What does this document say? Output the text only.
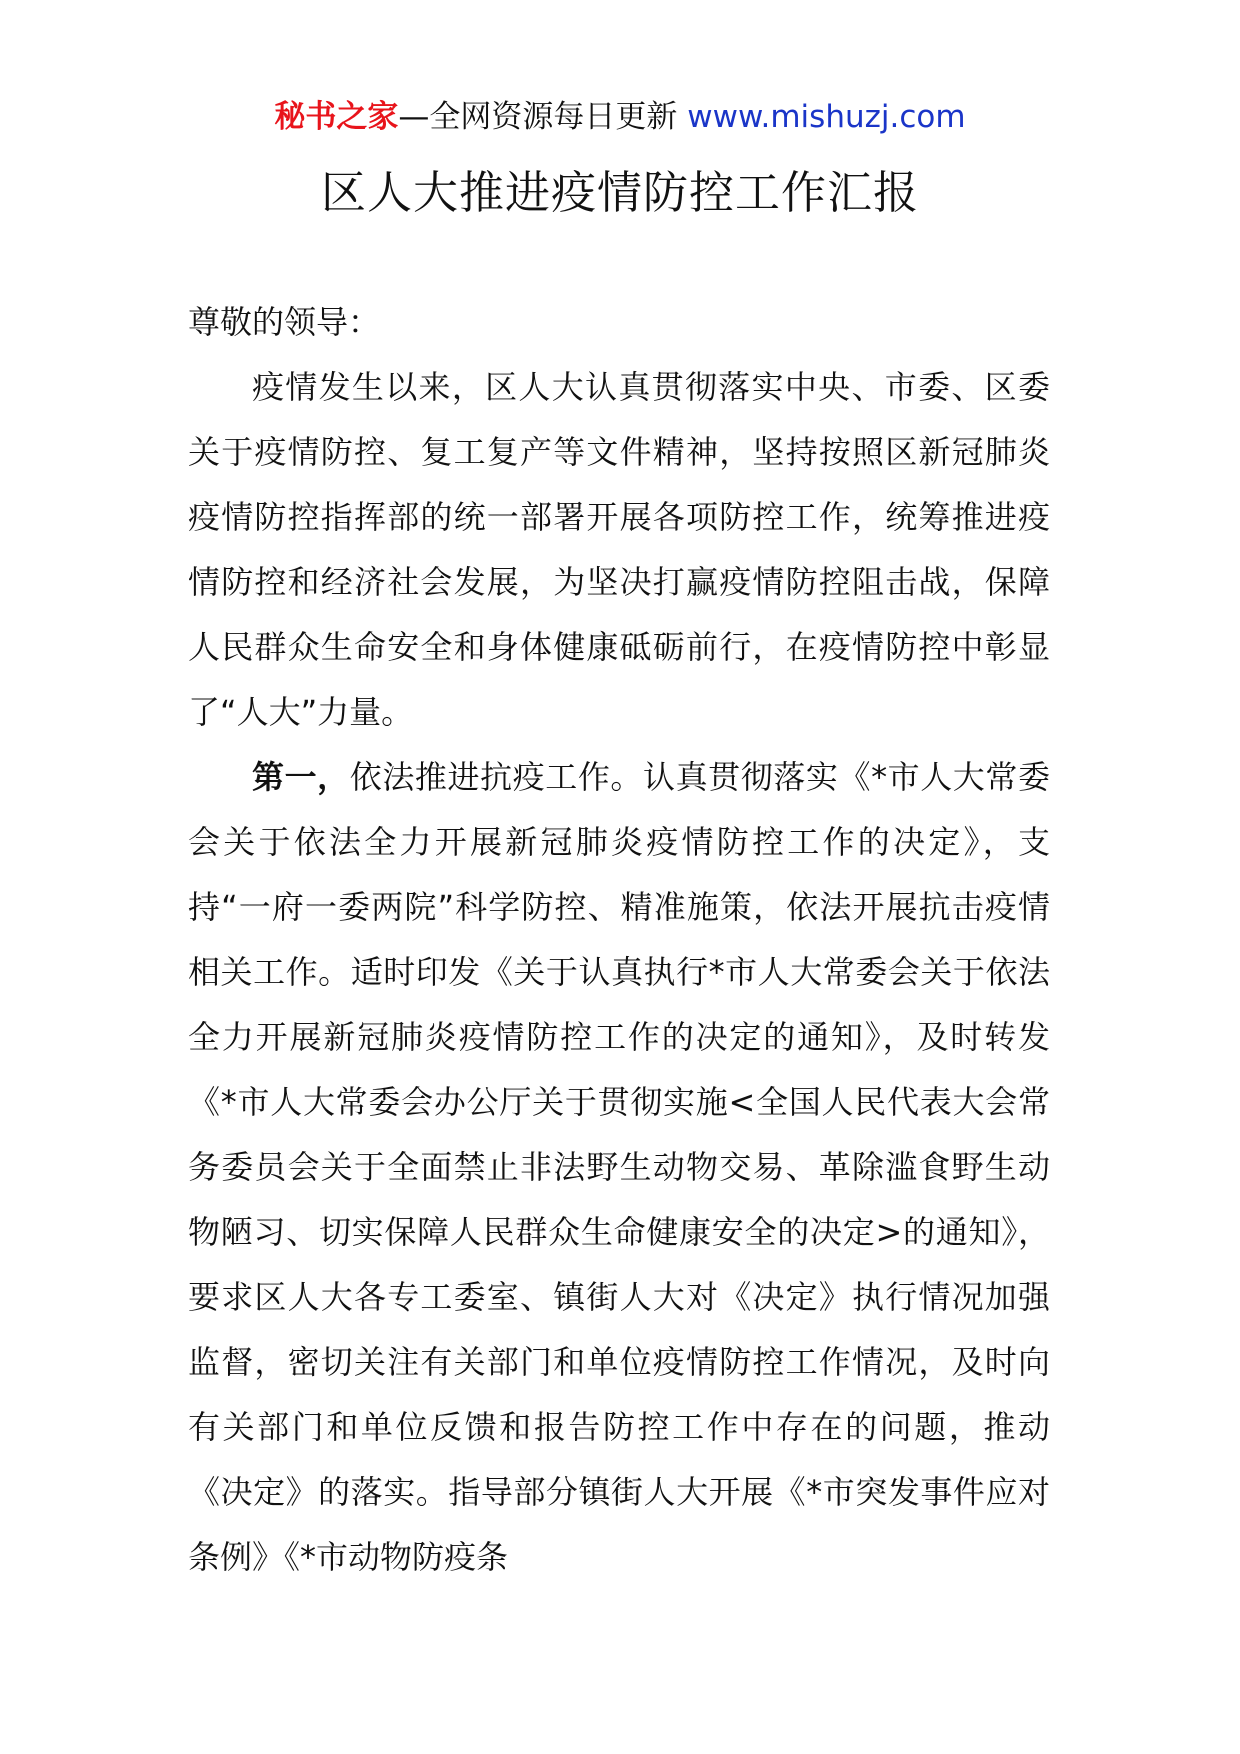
秘书之家—全网资源每日更新 www.mishuzj.com
区人大推进疫情防控工作汇报

尊敬的领导：

疫情发生以来，区人大认真贯彻落实中央、市委、区委关于疫情防控、复工复产等文件精神，坚持按照区新冠肺炎疫情防控指挥部的统一部署开展各项防控工作，统筹推进疫情防控和经济社会发展，为坚决打赢疫情防控阻击战，保障人民群众生命安全和身体健康砥砺前行，在疫情防控中彰显了“人大”力量。

第一，依法推进抗疫工作。认真贯彻落实《*市人大常委会关于依法全力开展新冠肺炎疫情防控工作的决定》，支持“一府一委两院”科学防控、精准施策，依法开展抗击疫情相关工作。适时印发《关于认真执行*市人大常委会关于依法全力开展新冠肺炎疫情防控工作的决定的通知》，及时转发《*市人大常委会办公厅关于贯彻实施<全国人民代表大会常务委员会关于全面禁止非法野生动物交易、革除滥食野生动物陋习、切实保障人民群众生命健康安全的决定>的通知》，要求区人大各专工委室、镇街人大对《决定》执行情况加强监督，密切关注有关部门和单位疫情防控工作情况，及时向有关部门和单位反馈和报告防控工作中存在的问题，推动《决定》的落实。指导部分镇街人大开展《*市突发事件应对条例》《*市动物防疫条
